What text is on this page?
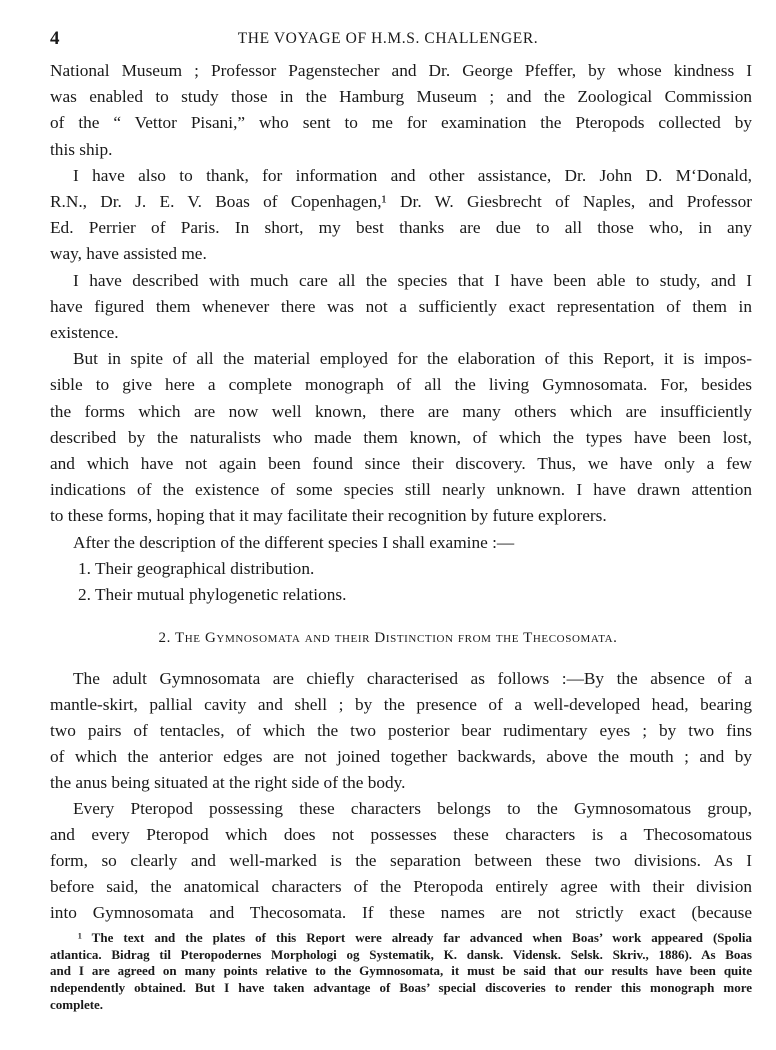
4	THE VOYAGE OF H.M.S. CHALLENGER.
National Museum ; Professor Pagenstecher and Dr. George Pfeffer, by whose kindness I
was enabled to study those in the Hamburg Museum ; and the Zoological Commission
of the “ Vettor Pisani,” who sent to me for examination the Pteropods collected by
this ship.
I have also to thank, for information and other assistance, Dr. John D. M‘Donald,
R.N., Dr. J. E. V. Boas of Copenhagen,¹ Dr. W. Giesbrecht of Naples, and Professor
Ed. Perrier of Paris. In short, my best thanks are due to all those who, in any
way, have assisted me.
I have described with much care all the species that I have been able to study, and I
have figured them whenever there was not a sufficiently exact representation of them in
existence.
But in spite of all the material employed for the elaboration of this Report, it is impos-
sible to give here a complete monograph of all the living Gymnosomata. For, besides
the forms which are now well known, there are many others which are insufficiently
described by the naturalists who made them known, of which the types have been lost,
and which have not again been found since their discovery. Thus, we have only a few
indications of the existence of some species still nearly unknown. I have drawn attention
to these forms, hoping that it may facilitate their recognition by future explorers.
After the description of the different species I shall examine :—
1. Their geographical distribution.
2. Their mutual phylogenetic relations.
2. The Gymnosomata and their Distinction from the Thecosomata.
The adult Gymnosomata are chiefly characterised as follows :—By the absence of a
mantle-skirt, pallial cavity and shell ; by the presence of a well-developed head, bearing
two pairs of tentacles, of which the two posterior bear rudimentary eyes ; by two fins
of which the anterior edges are not joined together backwards, above the mouth ; and by
the anus being situated at the right side of the body.
Every Pteropod possessing these characters belongs to the Gymnosomatous group,
and every Pteropod which does not possesses these characters is a Thecosomatous
form, so clearly and well-marked is the separation between these two divisions. As I
before said, the anatomical characters of the Pteropoda entirely agree with their division
into Gymnosomata and Thecosomata. If these names are not strictly exact (because
¹ The text and the plates of this Report were already far advanced when Boas’ work appeared (Spolia
atlantica. Bidrag til Pteropodernes Morphologi og Systematik, K. dansk. Vidensk. Selsk. Skriv., 1886). As Boas
and I are agreed on many points relative to the Gymnosomata, it must be said that our results have been quite
ndependently obtained. But I have taken advantage of Boas’ special discoveries to render this monograph more
complete.
